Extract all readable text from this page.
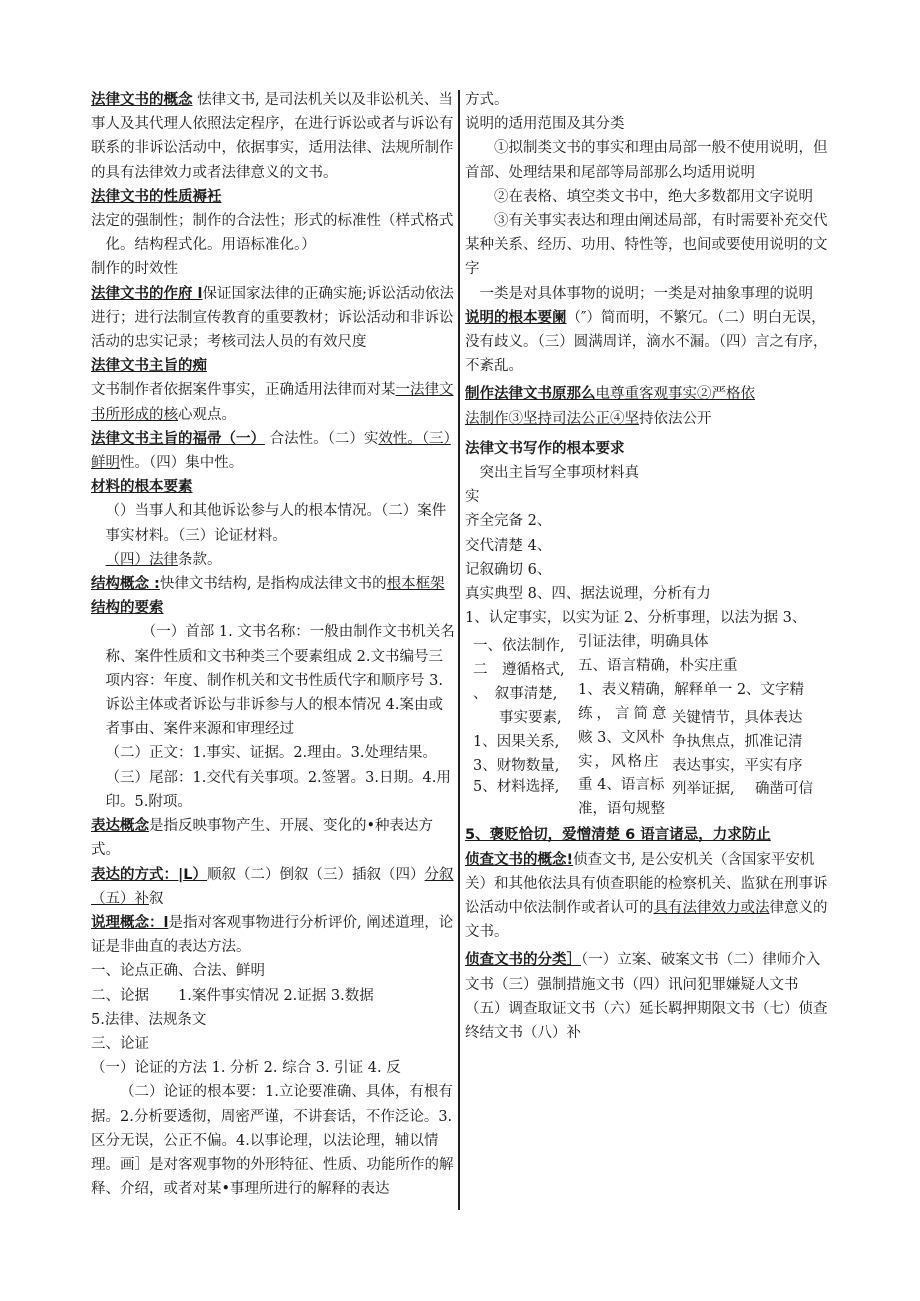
法律文书的概念 怯律文书, 是司法机关以及非讼机关、当事人及其代理人依照法定程序，在进行诉讼或者与诉讼有联系的非诉讼活动中，依据事实，适用法律、法规所制作的具有法律效力或者法律意义的文书。

法律文书的性质褥衽

法定的强制性；制作的合法性；形式的标准性（样式格式化。结构程式化。用语标准化。）

制作的时效性

法律文书的作府 l保证国家法律的正确实施;诉讼活动依法进行；进行法制宣传教育的重要教材；诉讼活动和非诉讼活动的忠实记录；考核司法人员的有效尺度

法律文书主旨的痴

文书制作者依据案件事实，正确适用法律而对某一法律文书所形成的核心观点。

法律文书主旨的福帚（一） 合法性。（二）实效性。（三）鲜明性。（四）集中性。

材料的根本要素

（）当事人和其他诉讼参与人的根本情况。（二）案件事实材料。（三）论证材料。

（四）法律条款。

结构概念 :快律文书结构, 是指构成法律文书的根本框架

结构的要索

（一）首部 1. 文书名称：一般由制作文书机关名称、案件性质和文书种类三个要素组成 2.文书编号三项内容：年度、制作机关和文书性质代字和顺序号 3.诉讼主体或者诉讼与非诉参与人的根本情况 4.案由或者事由、案件来源和审理经过

（二）正文：1.事实、证据。2.理由。3.处理结果。

（三）尾部：1.交代有关事项。2.签署。3.日期。4.用印。5.附项。

表达概念是指反映事物产生、开展、变化的•种表达方式。

表达的方式：|L）顺叙（二）倒叙（三）插叙（四）分叙（五）补叙

说理概念：l是指对客观事物进行分析评价, 阐述道理，论证是非曲直的表达方法。

一、论点正确、合法、鲜明

二、论据　　1.案件事实情况 2.证据 3.数据

5.法律、法规条文

三、论证

（一）论证的方法 1. 分析 2. 综合 3. 引证 4. 反

（二）论证的根本要：1.立论要准确、具体，有根有据。2.分析要透彻，周密严谨，不讲套话，不作泛论。3.区分无误，公正不偏。4.以事论理，以法论理，辅以情理。画］是对客观事物的外形特征、性质、功能所作的解释、介绍，或者对某•事理所进行的解释的表达

方式。

说明的适用范围及其分类

①拟制类文书的事实和理由局部一般不使用说明，但首部、处理结果和尾部等局部那么均适用说明

②在表格、填空类文书中，绝大多数都用文字说明

③有关事实表达和理由阐述局部，有时需要补充交代某种关系、经历、功用、特性等，也间或要使用说明的文字

一类是对具体事物的说明；一类是对抽象事理的说明

说明的根本要阑（″）简而明，不繁冗。（二）明白无误，没有歧义。（三）圆满周详，滴水不漏。（四）言之有序，不紊乱。

制作法律文书原那么电尊重客观事实②严格依

法制作③坚持司法公正④坚持依法公开

法律文书写作的根本要求

突出主旨写全事项材料真

实

齐全完备 2、

交代清楚 4、

记叙确切 6、

真实典型 8、四、据法说理，分析有力

1、认定事实，以实为证 2、分析事理，以法为据 3、

一、依法制作, 引证法律，明确具体
二　遵循格式, 五、语言精确，朴实庄重
、　叙事清楚, 1、表义精确，解释单一 2、文字精
事实要素, 练，言简意 关键情节，具体表达
1、因果关系, 赅 3、文风朴 争执焦点，抓准记清
3、财物数量, 实，风格庄 表达事实，平实有序
5、材料选择, 重 4、语言标 列举证据, 确凿可信
准，语句规整

5、褒贬恰切，爱憎清楚 6 语言诸忌，力求防止

侦查文书的概念!侦查文书, 是公安机关（含国家平安机关）和其他依法具有侦查职能的检察机关、监狱在刑事诉讼活动中依法制作或者认可的具有法律效力或法律意义的文书。

侦查文书的分类］（一）立案、破案文书（二）律师介入文书（三）强制措施文书（四）讯问犯罪嫌疑人文书（五）调查取证文书（六）延长羁押期限文书（七）侦查终结文书（八）补
